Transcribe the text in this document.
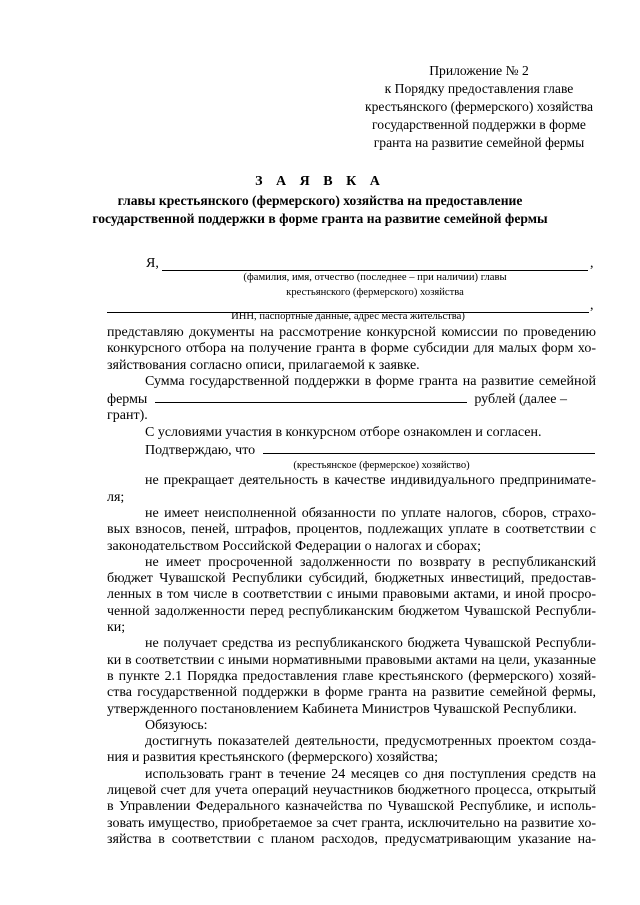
Приложение № 2
к Порядку предоставления главе
крестьянского (фермерского) хозяйства
государственной поддержки в форме
гранта на развитие семейной фермы
З А Я В К А
главы крестьянского (фермерского) хозяйства на предоставление
государственной поддержки в форме гранта на развитие семейной фермы
Я,	,
(фамилия, имя, отчество (последнее – при наличии) главы
крестьянского (фермерского) хозяйства
,
ИНН, паспортные данные, адрес места жительства)
представляю документы на рассмотрение конкурсной комиссии по проведению
конкурсного отбора на получение гранта в форме субсидии для малых форм хо-
зяйствования согласно описи, прилагаемой к заявке.
Сумма государственной поддержки в форме гранта на развитие семейной
фермы	рублей (далее –
грант).
С условиями участия в конкурсном отборе ознакомлен и согласен.
Подтверждаю, что
(крестьянское (фермерское) хозяйство)
не прекращает деятельность в качестве индивидуального предпринимате-
ля;
не имеет неисполненной обязанности по уплате налогов, сборов, страхо-
вых взносов, пеней, штрафов, процентов, подлежащих уплате в соответствии с
законодательством Российской Федерации о налогах и сборах;
не имеет просроченной задолженности по возврату в республиканский
бюджет Чувашской Республики субсидий, бюджетных инвестиций, предостав-
ленных в том числе в соответствии с иными правовыми актами, и иной просро-
ченной задолженности перед республиканским бюджетом Чувашской Республи-
ки;
не получает средства из республиканского бюджета Чувашской Республи-
ки в соответствии с иными нормативными правовыми актами на цели, указанные
в пункте 2.1 Порядка предоставления главе крестьянского (фермерского) хозяй-
ства государственной поддержки в форме гранта на развитие семейной фермы,
утвержденного постановлением Кабинета Министров Чувашской Республики.
Обязуюсь:
достигнуть показателей деятельности, предусмотренных проектом созда-
ния и развития крестьянского (фермерского) хозяйства;
использовать грант в течение 24 месяцев со дня поступления средств на
лицевой счет для учета операций неучастников бюджетного процесса, открытый
в Управлении Федерального казначейства по Чувашской Республике, и исполь-
зовать имущество, приобретаемое за счет гранта, исключительно на развитие хо-
зяйства в соответствии с планом расходов, предусматривающим указание на-
